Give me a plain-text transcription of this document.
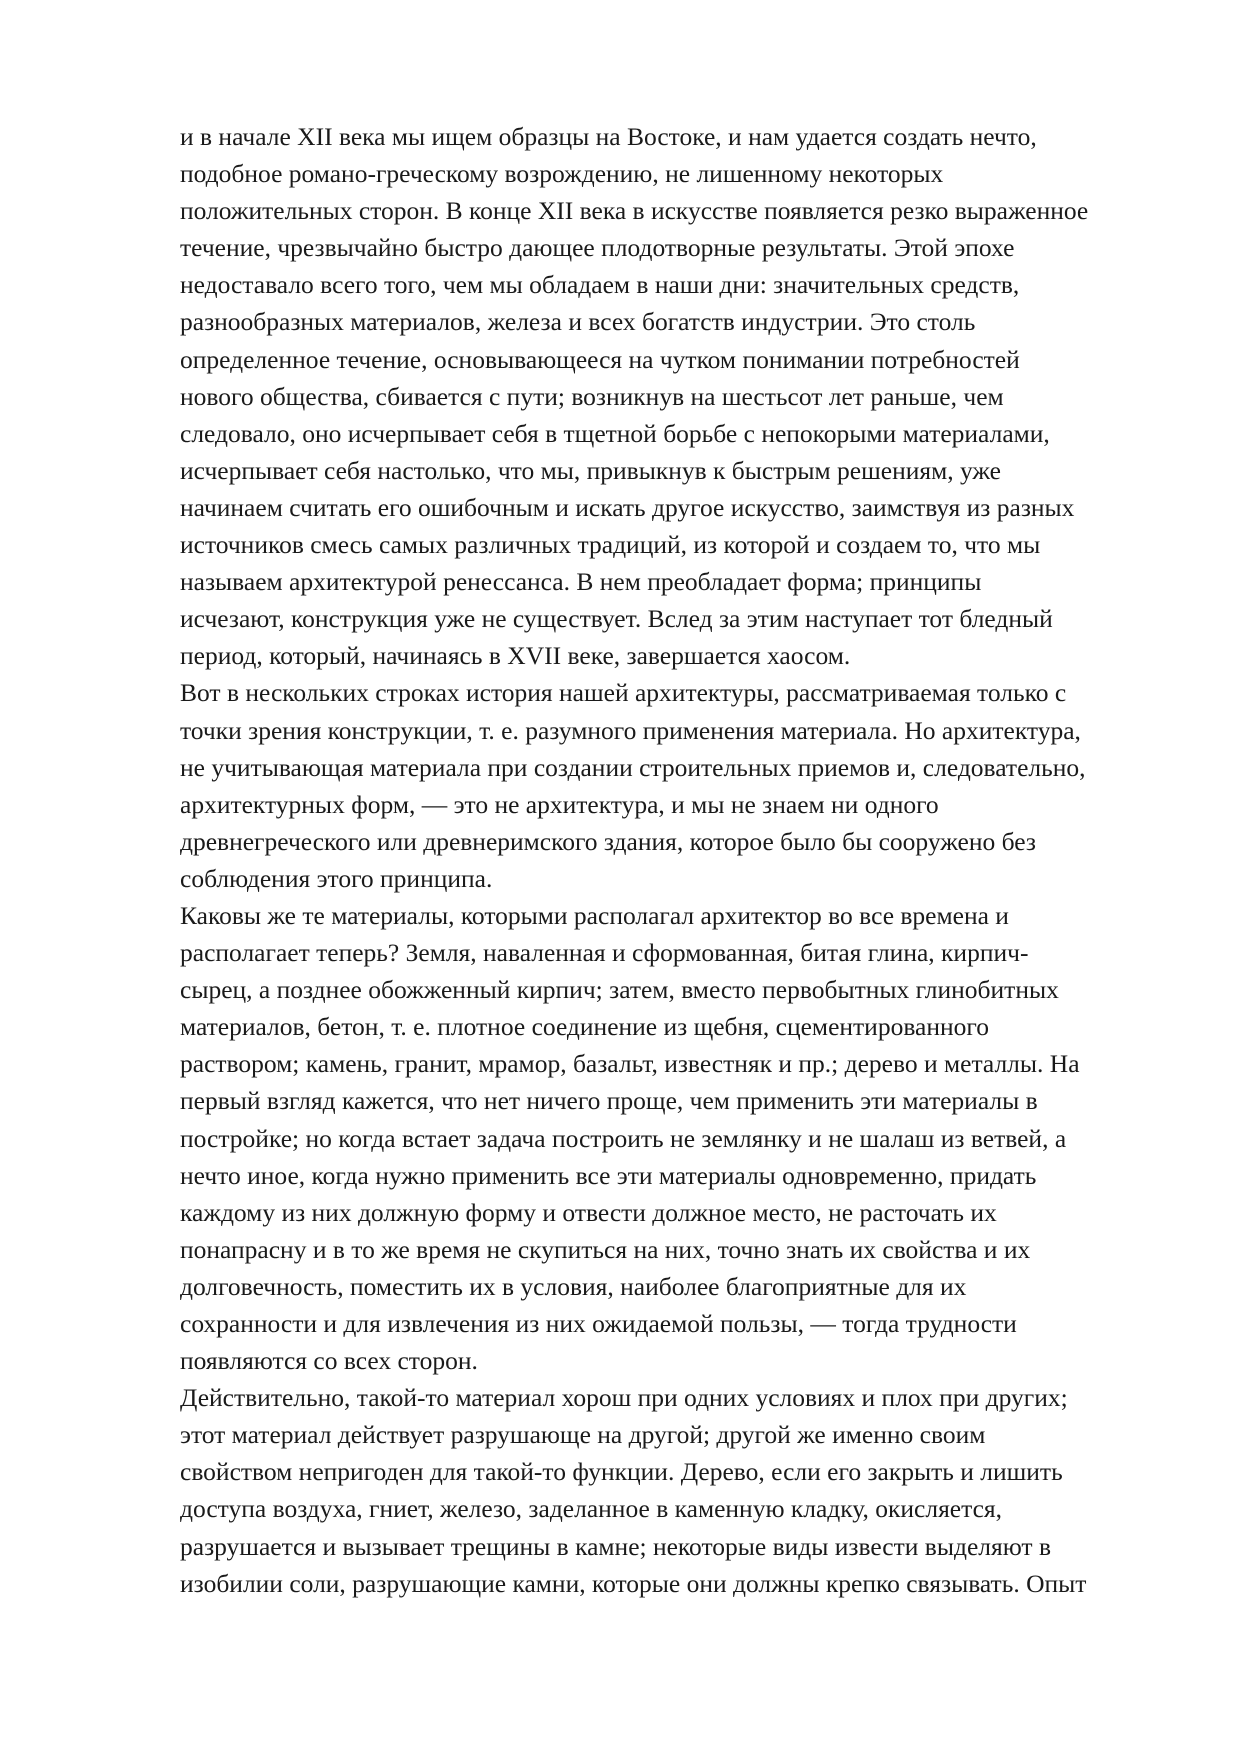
и в начале XII века мы ищем образцы на Востоке, и нам удается создать нечто,
подобное романо-греческому возрождению, не лишенному некоторых
положительных сторон. В конце XII века в искусстве появляется резко выраженное
течение, чрезвычайно быстро дающее плодотворные результаты. Этой эпохе
недоставало всего того, чем мы обладаем в наши дни: значительных средств,
разнообразных материалов, железа и всех богатств индустрии. Это столь
определенное течение, основывающееся на чутком понимании потребностей
нового общества, сбивается с пути; возникнув на шестьсот лет раньше, чем
следовало, оно исчерпывает себя в тщетной борьбе с непокорыми материалами,
исчерпывает себя настолько, что мы, привыкнув к быстрым решениям, уже
начинаем считать его ошибочным и искать другое искусство, заимствуя из разных
источников смесь самых различных традиций, из которой и создаем то, что мы
называем архитектурой ренессанса. В нем преобладает форма; принципы
исчезают, конструкция уже не существует. Вслед за этим наступает тот бледный
период, который, начинаясь в XVII веке, завершается хаосом.
Вот в нескольких строках история нашей архитектуры, рассматриваемая только с
точки зрения конструкции, т. е. разумного применения материала. Но архитектура,
не учитывающая материала при создании строительных приемов и, следовательно,
архитектурных форм, — это не архитектура, и мы не знаем ни одного
древнегреческого или древнеримского здания, которое было бы сооружено без
соблюдения этого принципа.
Каковы же те материалы, которыми располагал арxитектор во все времена и
располагает теперь? Земля, наваленная и сформованная, битая глина, кирпич-
сырец, а позднее обожженный кирпич; затем, вместо первобытных глинобитных
материалов, бетон, т. е. плотное соединение из щебня, сцементированного
раствором; камень, гранит, мрамор, базальт, известняк и пр.; дерево и металлы. На
первый взгляд кажется, что нет ничего проще, чем применить эти материалы в
постройке; но когда встает задача построить не землянку и не шалаш из ветвей, а
нечто иное, когда нужно применить все эти материалы одновременно, придать
каждому из них должную форму и отвести должное место, не расточать их
понапрасну и в то же время не скупиться на них, точно знать их свойства и их
долговечность, поместить их в условия, наиболее благоприятные для их
сохранности и для извлечения из них ожидаемой пользы, — тогда трудности
появляются со всех сторон.
Действительно, такой-то материал хорош при одних условиях и плох при других;
этот материал действует разрушающе на другой; другой же именно своим
свойством непригоден для такой-то функции. Дерево, если его закрыть и лишить
доступа воздуха, гниет, железо, заделанное в каменную кладку, окисляется,
разрушается и вызывает трещины в камне; некоторые виды извести выделяют в
изобилии соли, разрушающие камни, которые они должны крепко связывать. Опыт
